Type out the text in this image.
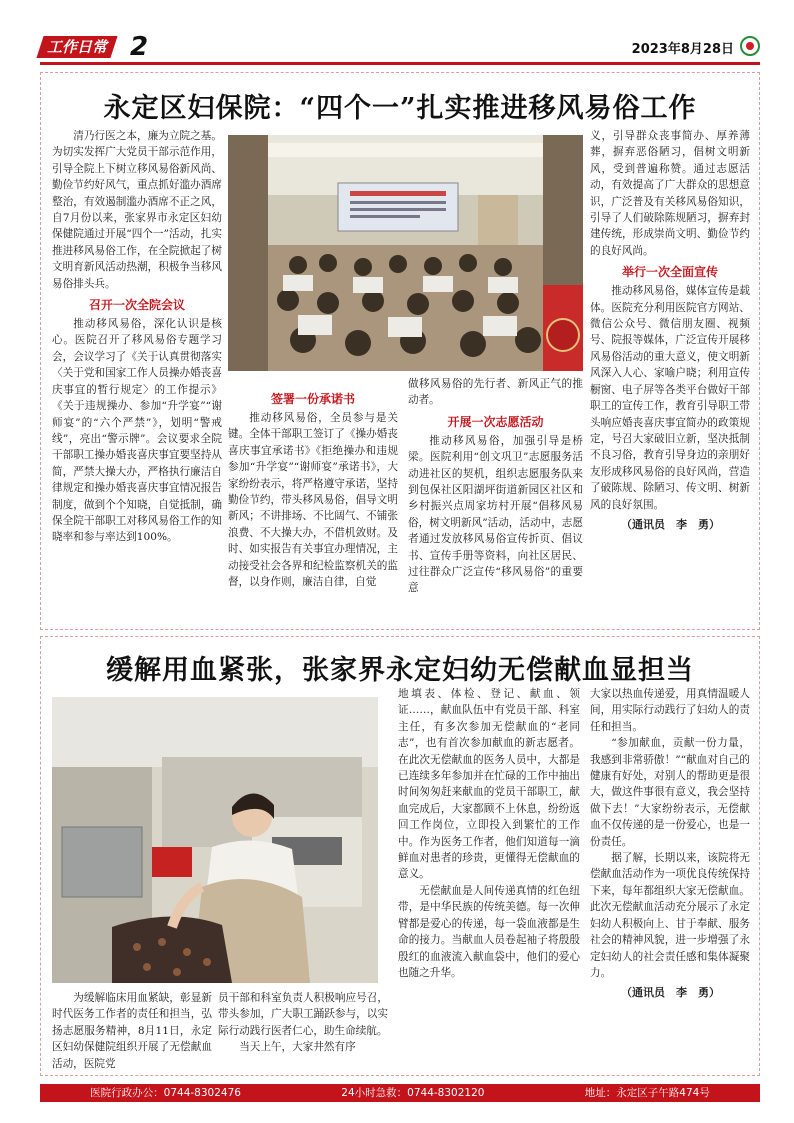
工作日常 2	2023年8月28日
永定区妇保院：“四个一”扎实推进移风易俗工作

清乃行医之本，廉为立院之基。为切实发挥广大党员干部示范作用，引导全院上下树立移风易俗新风尚、勤俭节约好风气，重点抓好滥办酒席整治，有效遏制滥办酒席不正之风，自7月份以来，张家界市永定区妇幼保健院通过开展“四个一”活动，扎实推进移风易俗工作，在全院掀起了树文明育新风活动热潮，积极争当移风易俗排头兵。

召开一次全院会议

推动移风易俗，深化认识是核心。医院召开了移风易俗专题学习会，会议学习了《关于认真贯彻落实〈关于党和国家工作人员操办婚丧喜庆事宜的暂行规定〉的工作提示》《关于违规操办、参加“升学宴”“谢师宴”的“六个严禁”》，划明“警戒线”，亮出“警示牌”。会议要求全院干部职工操办婚丧喜庆事宜要坚持从简，严禁大操大办，严格执行廉洁自律规定和操办婚丧喜庆事宜情况报告制度，做到个个知晓，自觉抵制，确保全院干部职工对移风易俗工作的知晓率和参与率达到100%。

签署一份承诺书

推动移风易俗，全员参与是关键。全体干部职工签订了《操办婚丧喜庆事宜承诺书》《拒绝操办和违规参加“升学宴”“谢师宴”承诺书》，大家纷纷表示，将严格遵守承诺，坚持勤俭节约，带头移风易俗，倡导文明新风；不讲排场、不比阔气、不铺张浪费、不大操大办，不借机敛财。及时、如实报告有关事宜办理情况，主动接受社会各界和纪检监察机关的监督，以身作则，廉洁自律，自觉

做移风易俗的先行者、新风正气的推动者。

开展一次志愿活动

推动移风易俗，加强引导是桥梁。医院利用“创文巩卫”志愿服务活动进社区的契机，组织志愿服务队来到包保社区阳湖坪街道新园区社区和乡村振兴点周家坊村开展“倡移风易俗，树文明新风”活动，活动中，志愿者通过发放移风易俗宣传折页、倡议书、宣传手册等资料，向社区居民、过往群众广泛宣传“移风易俗”的重要意

义，引导群众丧事简办、厚养薄葬，摒弃恶俗陋习，倡树文明新风，受到普遍称赞。通过志愿活动，有效提高了广大群众的思想意识，广泛普及有关移风易俗知识，引导了人们破除陈规陋习，摒弃封建传统，形成崇尚文明、勤俭节约的良好风尚。

举行一次全面宣传

推动移风易俗，媒体宣传是载体。医院充分利用医院官方网站、微信公众号、微信朋友圈、视频号、院报等媒体，广泛宣传开展移风易俗活动的重大意义，使文明新风深入人心、家喻户晓；利用宣传橱窗、电子屏等各类平台做好干部职工的宣传工作，教育引导职工带头响应婚丧喜庆事宜简办的政策规定，号召大家破旧立新，坚决抵制不良习俗，教育引导身边的亲朋好友形成移风易俗的良好风尚，营造了破陈规、除陋习、传文明、树新风的良好氛围。

（通讯员　李　勇）
缓解用血紧张，张家界永定妇幼无偿献血显担当

为缓解临床用血紧缺，彰显新时代医务工作者的责任和担当，弘扬志愿服务精神，8月11日，永定区妇幼保健院组织开展了无偿献血活动，医院党

员干部和科室负责人积极响应号召，带头参加，广大职工踊跃参与，以实际行动践行医者仁心，助生命续航。

当天上午，大家井然有序

地填表、体检、登记、献血、领证……，献血队伍中有党员干部、科室主任，有多次参加无偿献血的“老同志”，也有首次参加献血的新志愿者。在此次无偿献血的医务人员中，大都是已连续多年参加并在忙碌的工作中抽出时间匆匆赶来献血的党员干部职工，献血完成后，大家都顾不上休息，纷纷返回工作岗位，立即投入到繁忙的工作中。作为医务工作者，他们知道每一滴鲜血对患者的珍贵，更懂得无偿献血的意义。

无偿献血是人间传递真情的红色纽带，是中华民族的传统美德。每一次伸臂都是爱心的传递，每一袋血液都是生命的接力。当献血人员卷起袖子将殷殷殷红的血液流入献血袋中，他们的爱心也随之升华。

大家以热血传递爱，用真情温暖人间，用实际行动践行了妇幼人的责任和担当。

“参加献血，贡献一份力量，我感到非常骄傲！”“献血对自己的健康有好处，对别人的帮助更是很大，做这件事很有意义，我会坚持做下去！”大家纷纷表示，无偿献血不仅传递的是一份爱心，也是一份责任。

据了解，长期以来，该院将无偿献血活动作为一项优良传统保持下来，每年都组织大家无偿献血。此次无偿献血活动充分展示了永定妇幼人积极向上、甘于奉献、服务社会的精神风貌，进一步增强了永定妇幼人的社会责任感和集体凝聚力。

（通讯员　李　勇）
医院行政办公：0744-8302476	24小时急救：0744-8302120	地址：永定区子午路474号
